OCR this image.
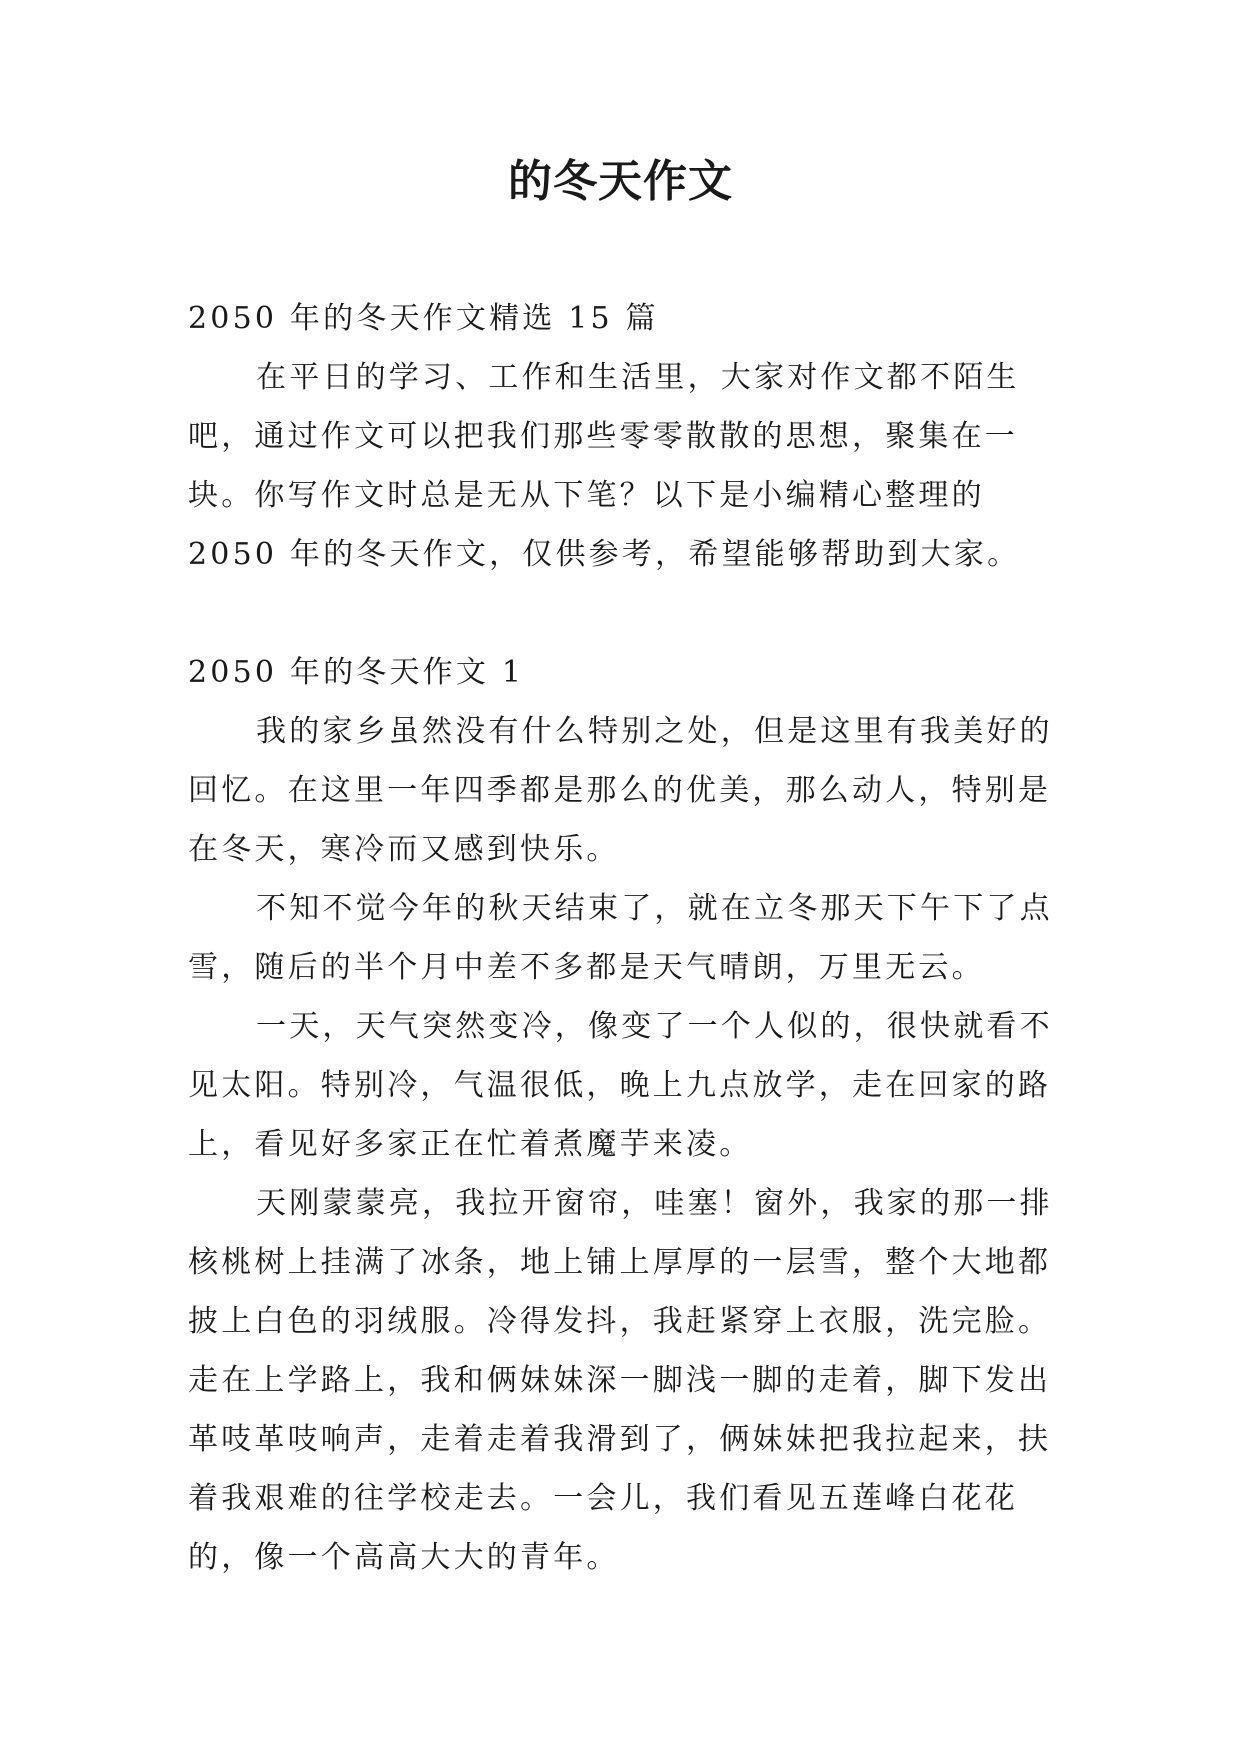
的冬天作文

2050 年的冬天作文精选 15 篇

在平日的学习、工作和生活里，大家对作文都不陌生吧，通过作文可以把我们那些零零散散的思想，聚集在一块。你写作文时总是无从下笔？以下是小编精心整理的 2050 年的冬天作文，仅供参考，希望能够帮助到大家。

2050 年的冬天作文 1

我的家乡虽然没有什么特别之处，但是这里有我美好的回忆。在这里一年四季都是那么的优美，那么动人，特别是在冬天，寒冷而又感到快乐。

不知不觉今年的秋天结束了，就在立冬那天下午下了点雪，随后的半个月中差不多都是天气晴朗，万里无云。

一天，天气突然变冷，像变了一个人似的，很快就看不见太阳。特别冷，气温很低，晚上九点放学，走在回家的路上，看见好多家正在忙着煮魔芋来凌。

天刚蒙蒙亮，我拉开窗帘，哇塞！窗外，我家的那一排核桃树上挂满了冰条，地上铺上厚厚的一层雪，整个大地都披上白色的羽绒服。冷得发抖，我赶紧穿上衣服，洗完脸。走在上学路上，我和俩妹妹深一脚浅一脚的走着，脚下发出革吱革吱响声，走着走着我滑到了，俩妹妹把我拉起来，扶着我艰难的往学校走去。一会儿，我们看见五莲峰白花花的，像一个高高大大的青年。
